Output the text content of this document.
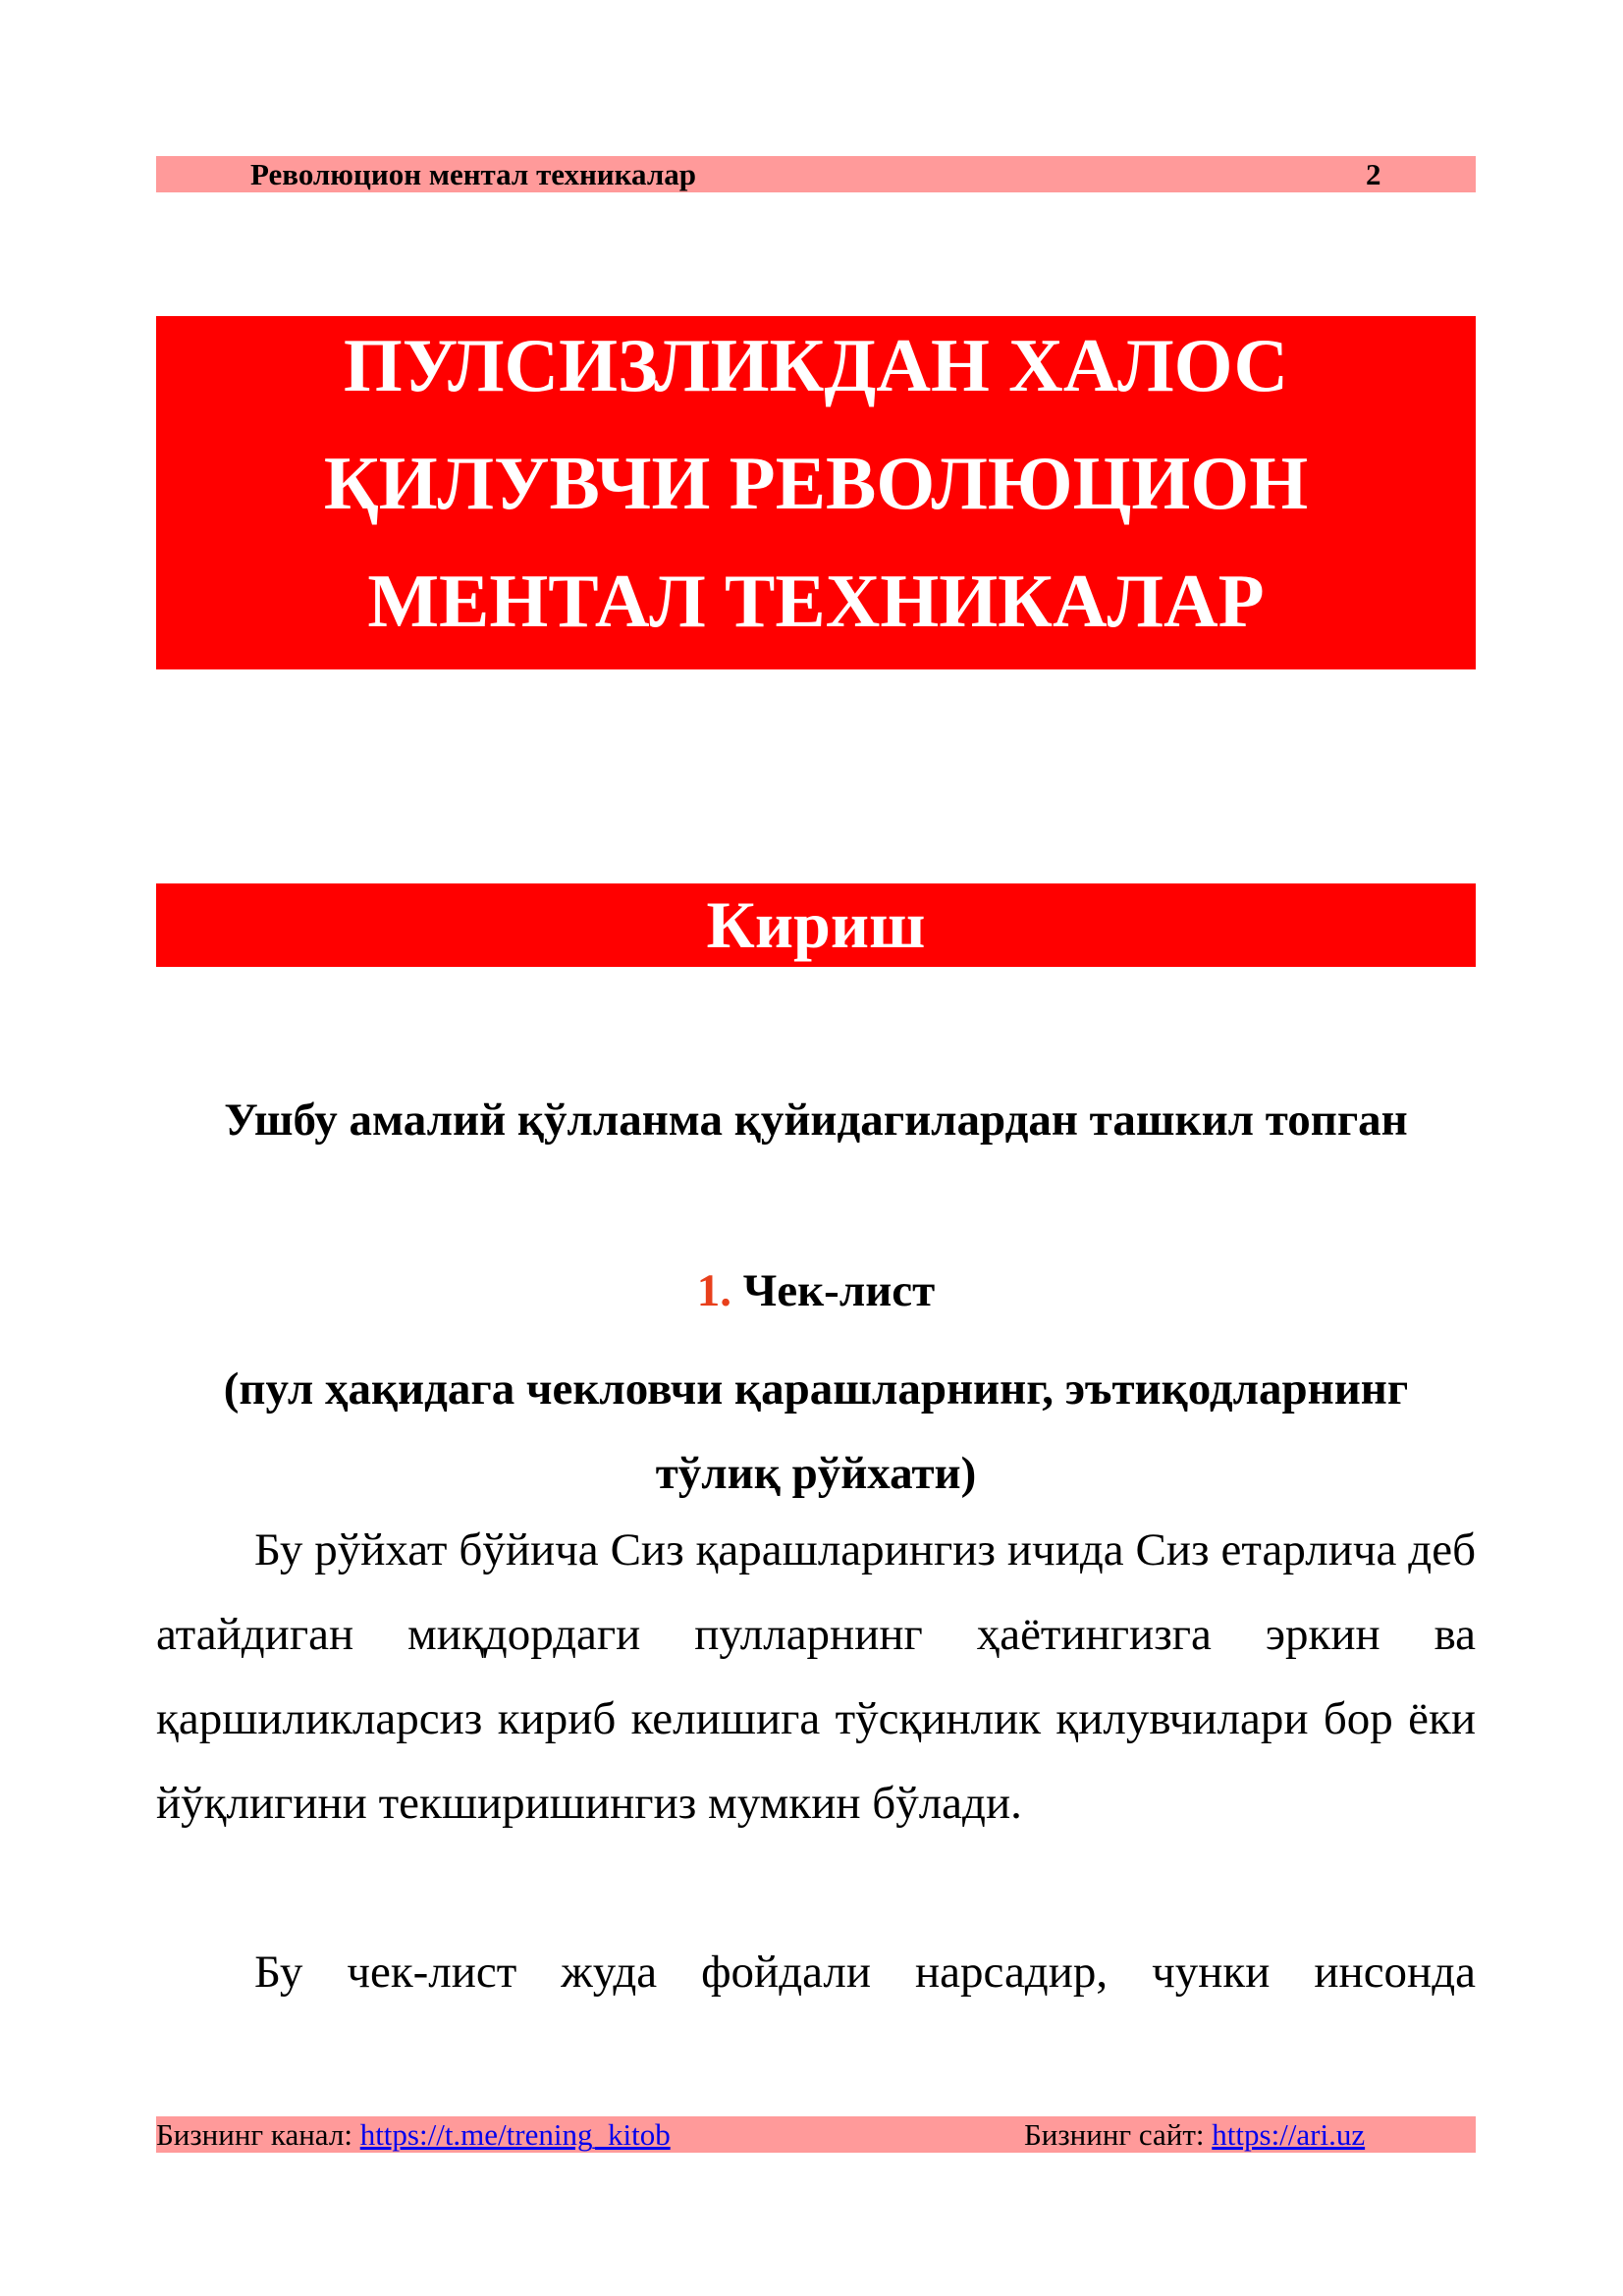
Революцион ментал техникалар	2
ПУЛСИЗЛИКДАН ХАЛОС
ҚИЛУВЧИ РЕВОЛЮЦИОН
МЕНТАЛ ТЕХНИКАЛАР
Кириш
Ушбу амалий қўлланма қуйидагилардан ташкил топган
1. Чек-лист
(пул ҳақидага чекловчи қарашларнинг, эътиқодларнинг
тўлиқ рўйхати)

Бу рўйхат бўйича Сиз қарашларингиз ичида Сиз етарлича деб атайдиган миқдордаги пулларнинг ҳаётингизга эркин ва қаршиликларсиз кириб келишига тўсқинлик қилувчилари бор ёки йўқлигини текширишингиз мумкин бўлади.

Бу чек-лист жуда фойдали нарсадир, чунки инсонда

Бизнинг канал: https://t.me/trening_kitob	Бизнинг сайт: https://ari.uz
